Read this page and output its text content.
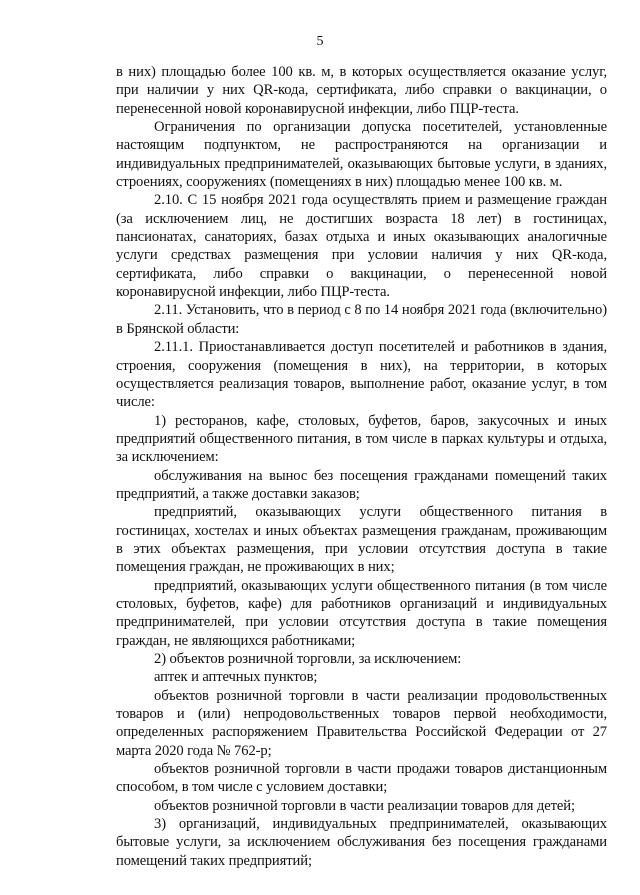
5

в них) площадью более 100 кв. м, в которых осуществляется оказание услуг, при наличии у них QR-кода, сертификата, либо справки о вакцинации, о перенесенной новой коронавирусной инфекции, либо ПЦР-теста.

Ограничения по организации допуска посетителей, установленные настоящим подпунктом, не распространяются на организации и индивидуальных предпринимателей, оказывающих бытовые услуги, в зданиях, строениях, сооружениях (помещениях в них) площадью менее 100 кв. м.

2.10. С 15 ноября 2021 года осуществлять прием и размещение граждан (за исключением лиц, не достигших возраста 18 лет) в гостиницах, пансионатах, санаториях, базах отдыха и иных оказывающих аналогичные услуги средствах размещения при условии наличия у них QR-кода, сертификата, либо справки о вакцинации, о перенесенной новой коронавирусной инфекции, либо ПЦР-теста.

2.11. Установить, что в период с 8 по 14 ноября 2021 года (включительно) в Брянской области:

2.11.1. Приостанавливается доступ посетителей и работников в здания, строения, сооружения (помещения в них), на территории, в которых осуществляется реализация товаров, выполнение работ, оказание услуг, в том числе:

1) ресторанов, кафе, столовых, буфетов, баров, закусочных и иных предприятий общественного питания, в том числе в парках культуры и отдыха, за исключением:

обслуживания на вынос без посещения гражданами помещений таких предприятий, а также доставки заказов;

предприятий, оказывающих услуги общественного питания в гостиницах, хостелах и иных объектах размещения гражданам, проживающим в этих объектах размещения, при условии отсутствия доступа в такие помещения граждан, не проживающих в них;

предприятий, оказывающих услуги общественного питания (в том числе столовых, буфетов, кафе) для работников организаций и индивидуальных предпринимателей, при условии отсутствия доступа в такие помещения граждан, не являющихся работниками;

2) объектов розничной торговли, за исключением:

аптек и аптечных пунктов;

объектов розничной торговли в части реализации продовольственных товаров и (или) непродовольственных товаров первой необходимости, определенных распоряжением Правительства Российской Федерации от 27 марта 2020 года № 762-р;

объектов розничной торговли в части продажи товаров дистанционным способом, в том числе с условием доставки;

объектов розничной торговли в части реализации товаров для детей;

3) организаций, индивидуальных предпринимателей, оказывающих бытовые услуги, за исключением обслуживания без посещения гражданами помещений таких предприятий;
